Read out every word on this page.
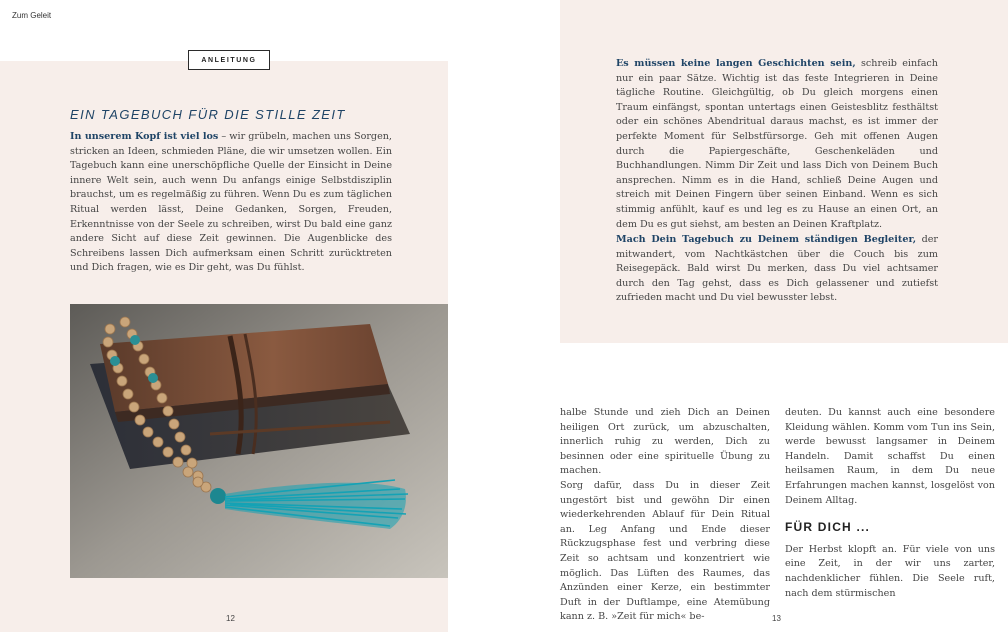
Zum Geleit
ANLEITUNG
EIN TAGEBUCH FÜR DIE STILLE ZEIT
In unserem Kopf ist viel los – wir grübeln, machen uns Sorgen, stricken an Ideen, schmieden Pläne, die wir umsetzen wollen. Ein Tagebuch kann eine unerschöpfliche Quelle der Einsicht in Deine innere Welt sein, auch wenn Du anfangs einige Selbstdisziplin brauchst, um es regelmäßig zu führen. Wenn Du es zum täglichen Ritual werden lässt, Deine Gedanken, Sorgen, Freuden, Erkenntnisse von der Seele zu schreiben, wirst Du bald eine ganz andere Sicht auf diese Zeit gewinnen. Die Augenblicke des Schreibens lassen Dich aufmerksam einen Schritt zurücktreten und Dich fragen, wie es Dir geht, was Du fühlst.
Es müssen keine langen Geschichten sein, schreib einfach nur ein paar Sätze. Wichtig ist das feste Integrieren in Deine tägliche Routine. Gleichgültig, ob Du gleich morgens einen Traum einfängst, spontan untertags einen Geistesblitz festhältst oder ein schönes Abendritual daraus machst, es ist immer der perfekte Moment für Selbstfürsorge. Geh mit offenen Augen durch die Papiergeschäfte, Geschenkeläden und Buchhandlungen. Nimm Dir Zeit und lass Dich von Deinem Buch ansprechen. Nimm es in die Hand, schließ Deine Augen und streich mit Deinen Fingern über seinen Einband. Wenn es sich stimmig anfühlt, kauf es und leg es zu Hause an einen Ort, an dem Du es gut siehst, am besten an Deinen Kraftplatz.
Mach Dein Tagebuch zu Deinem ständigen Begleiter, der mitwandert, vom Nachtkästchen über die Couch bis zum Reisegepäck. Bald wirst Du merken, dass Du viel achtsamer durch den Tag gehst, dass es Dich gelassener und zutiefst zufrieden macht und Du viel bewusster lebst.

halbe Stunde und zieh Dich an Deinen heiligen Ort zurück, um abzuschalten, innerlich ruhig zu werden, Dich zu besinnen oder eine spirituelle Übung zu machen.

Sorg dafür, dass Du in dieser Zeit ungestört bist und gewöhn Dir einen wiederkehrenden Ablauf für Dein Ritual an. Leg Anfang und Ende dieser Rückzugsphase fest und verbring diese Zeit so achtsam und konzentriert wie möglich. Das Lüften des Raumes, das Anzünden einer Kerze, ein bestimmter Duft in der Duftlampe, eine Atemübung kann z. B. »Zeit für mich« be-

deuten. Du kannst auch eine besondere Kleidung wählen. Komm vom Tun ins Sein, werde bewusst langsamer in Deinem Handeln. Damit schaffst Du einen heilsamen Raum, in dem Du neue Erfahrungen machen kannst, losgelöst von Deinem Alltag.

FÜR DICH ...

Der Herbst klopft an. Für viele von uns eine Zeit, in der wir uns zarter, nachdenklicher fühlen. Die Seele ruft, nach dem stürmischen

12	13
